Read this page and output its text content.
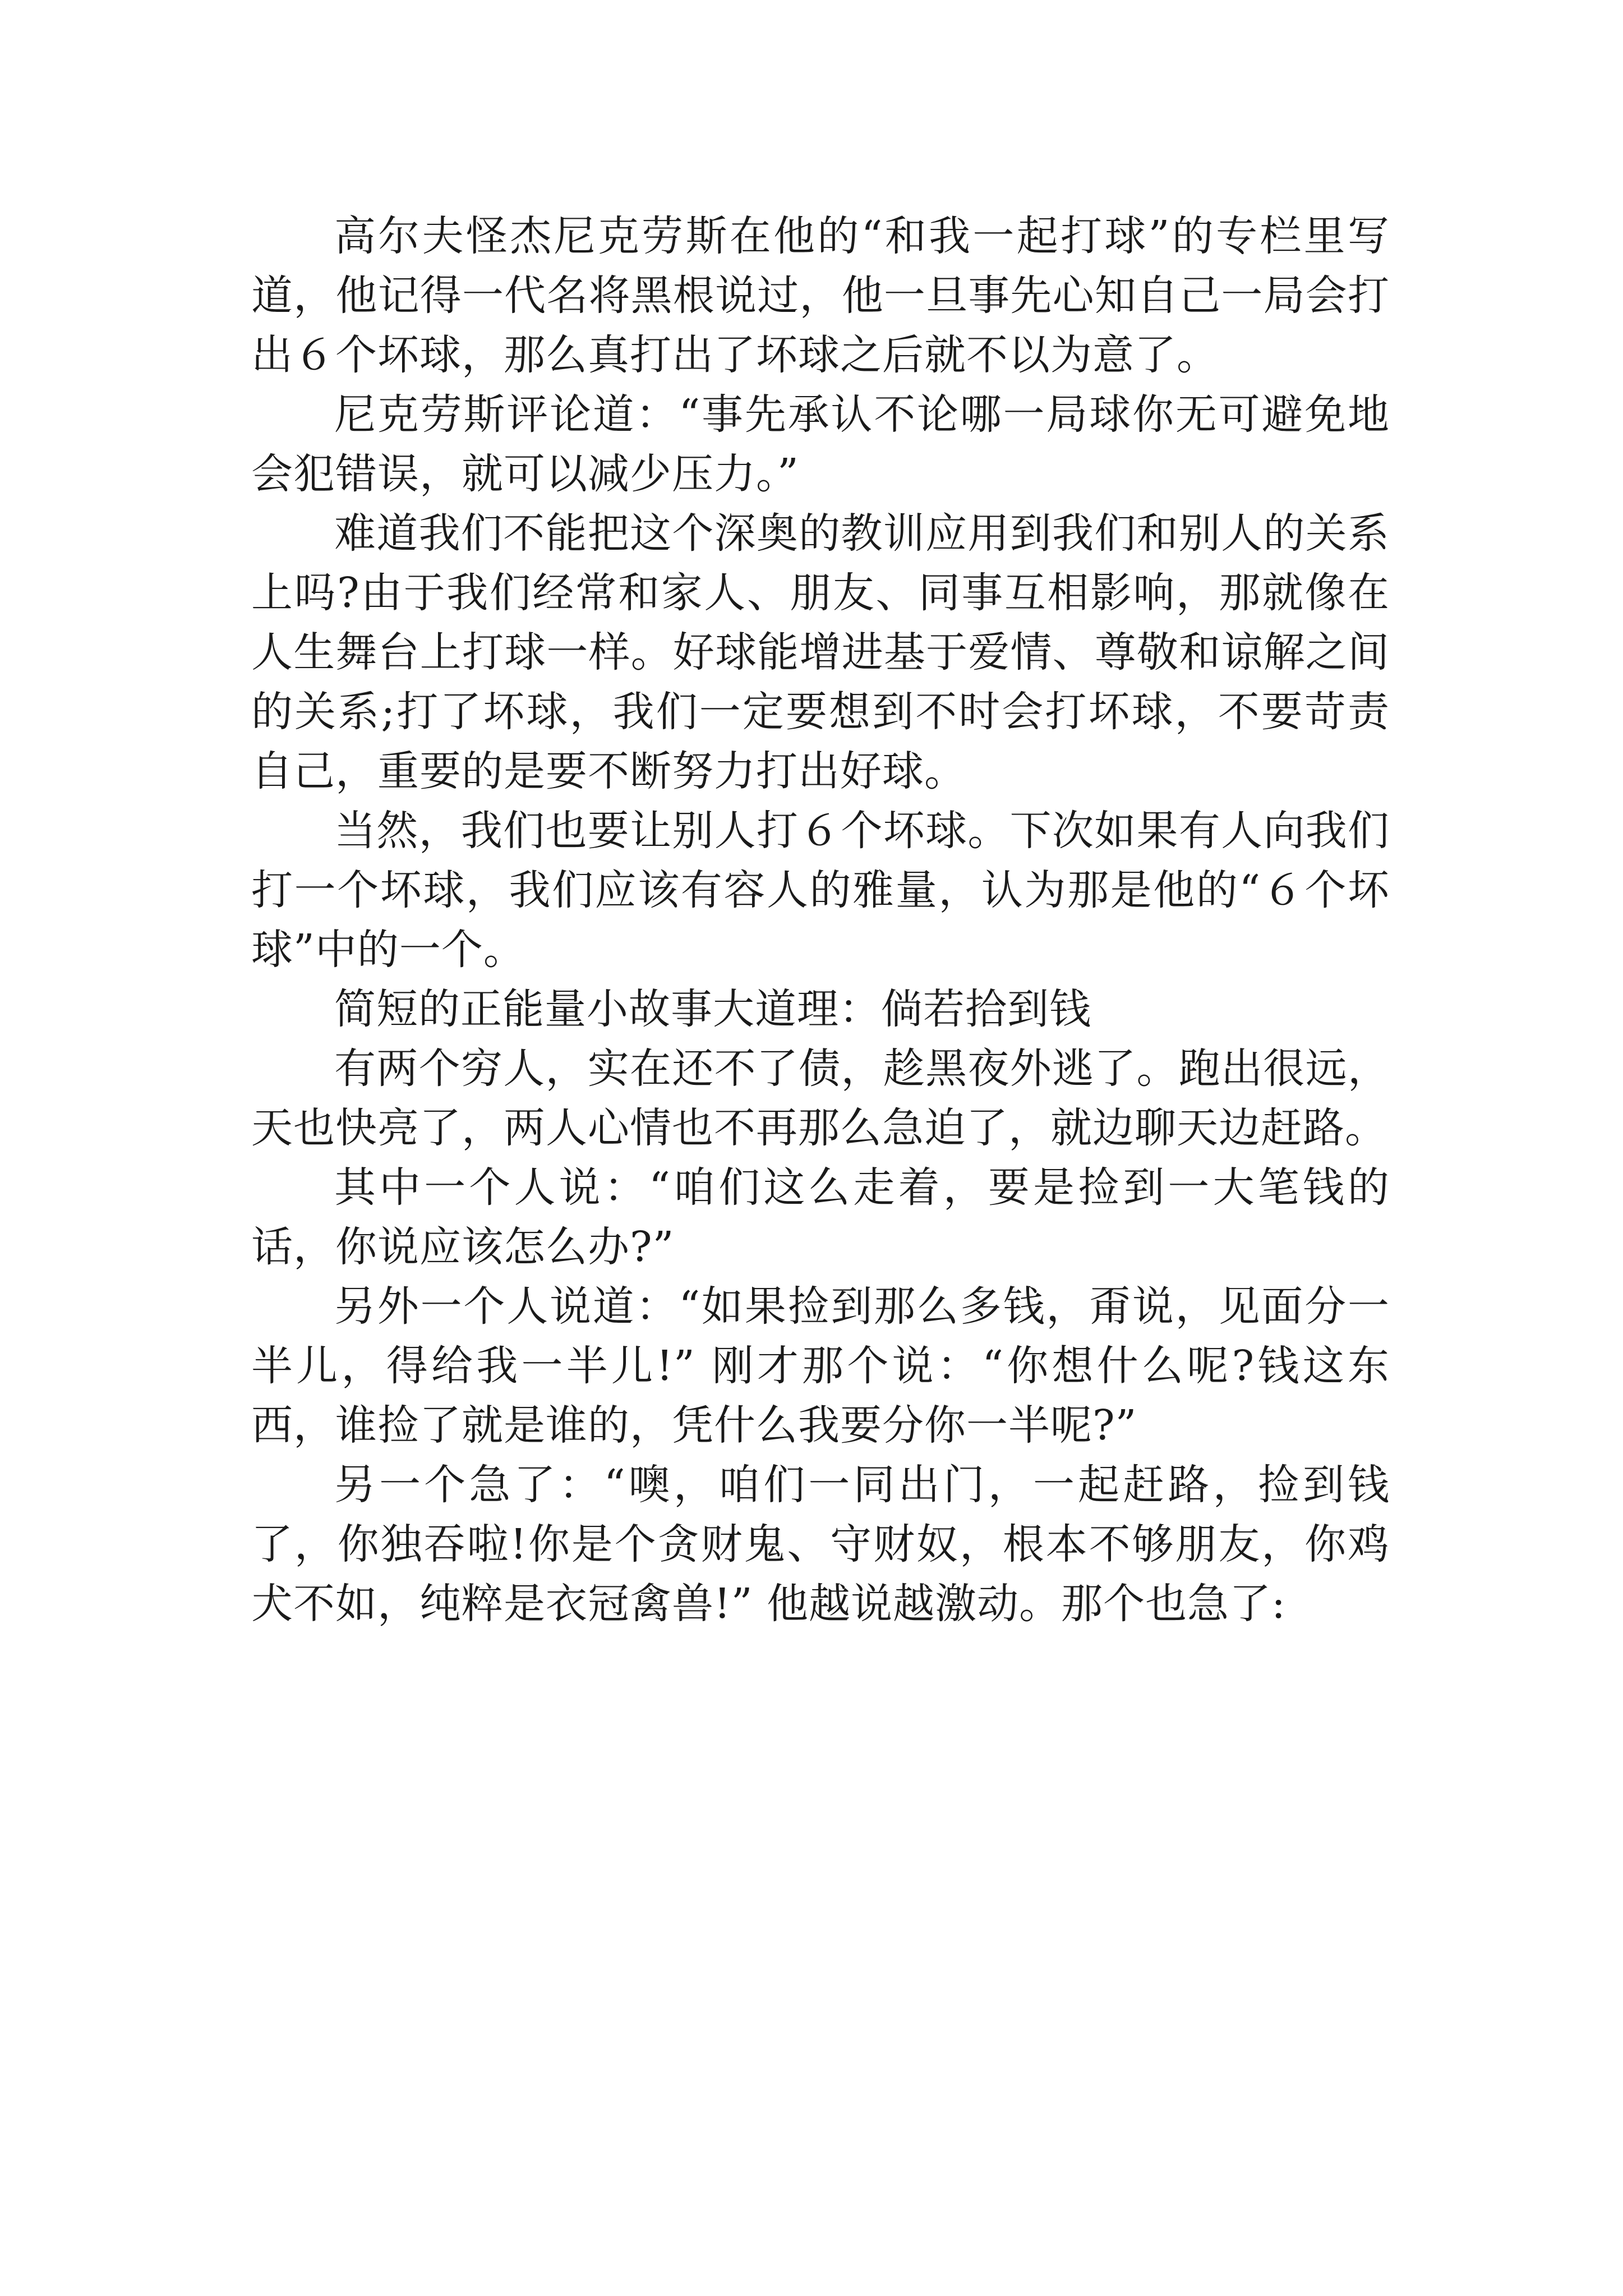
高尔夫怪杰尼克劳斯在他的“和我一起打球”的专栏里写道，他记得一代名将黑根说过，他一旦事先心知自己一局会打出６个坏球，那么真打出了坏球之后就不以为意了。

尼克劳斯评论道：“事先承认不论哪一局球你无可避免地会犯错误，就可以减少压力。”

难道我们不能把这个深奥的教训应用到我们和别人的关系上吗?由于我们经常和家人、朋友、同事互相影响，那就像在人生舞台上打球一样。好球能增进基于爱情、尊敬和谅解之间的关系;打了坏球，我们一定要想到不时会打坏球，不要苛责自己，重要的是要不断努力打出好球。

当然，我们也要让别人打６个坏球。下次如果有人向我们打一个坏球，我们应该有容人的雅量，认为那是他的“６个坏球”中的一个。

简短的正能量小故事大道理：倘若拾到钱

有两个穷人，实在还不了债，趁黑夜外逃了。跑出很远，天也快亮了，两人心情也不再那么急迫了，就边聊天边赶路。

其中一个人说：“咱们这么走着，要是捡到一大笔钱的话，你说应该怎么办?”

另外一个人说道：“如果捡到那么多钱，甭说，见面分一半儿，得给我一半儿!” 刚才那个说：“你想什么呢?钱这东西，谁捡了就是谁的，凭什么我要分你一半呢?”

另一个急了：“噢，咱们一同出门，一起赶路，捡到钱了，你独吞啦!你是个贪财鬼、守财奴，根本不够朋友，你鸡犬不如，纯粹是衣冠禽兽!” 他越说越激动。那个也急了:
